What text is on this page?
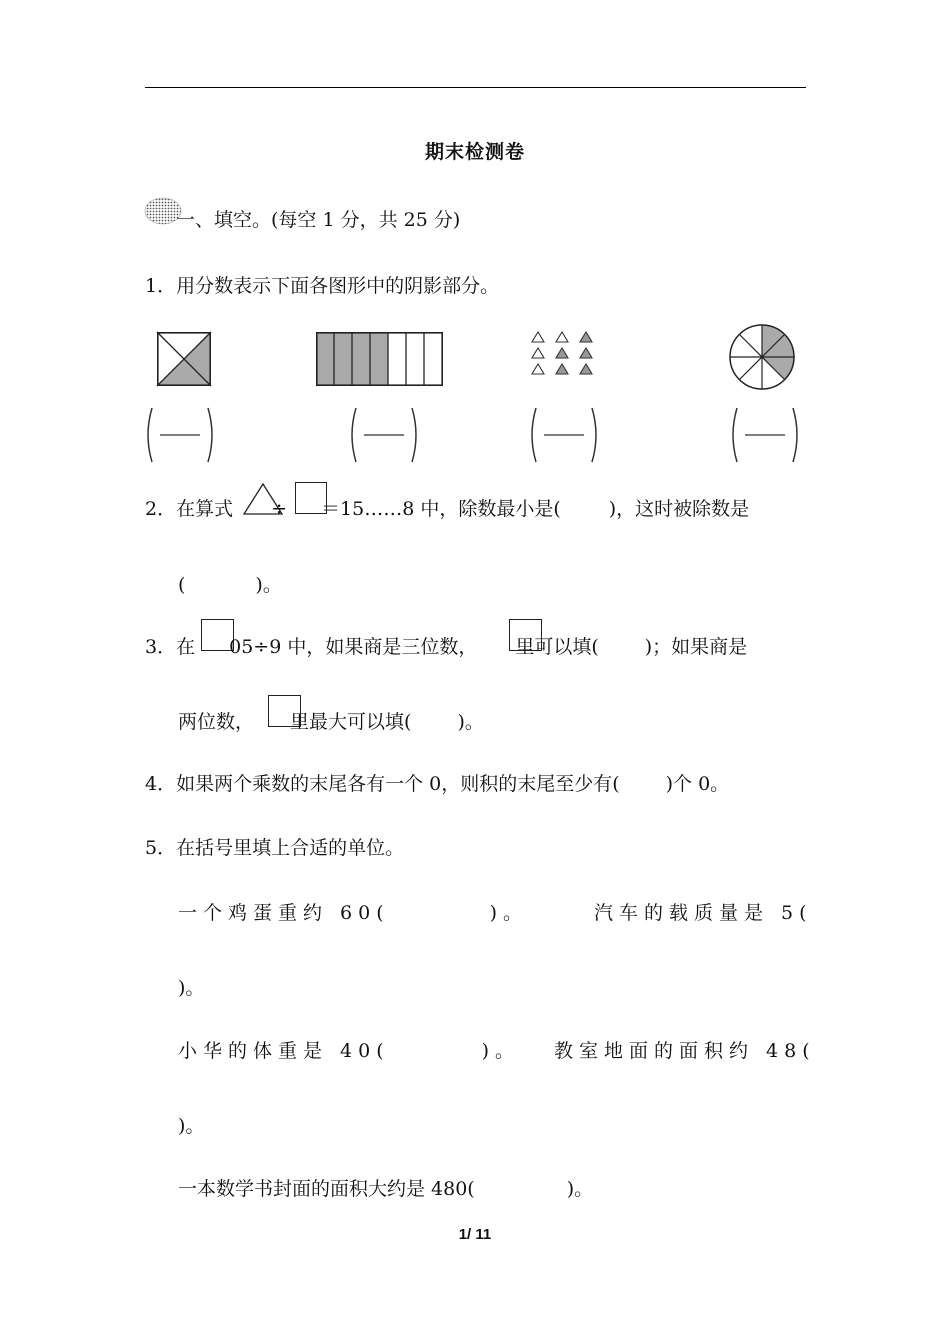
期末检测卷
一、填空。(每空 1 分，共 25 分)
1．用分数表示下面各图形中的阴影部分。
2．在算式 ÷ ＝15……8 中，除数最小是(	)，这时被除数是
(	)。
3．在 05÷9 中，如果商是三位数， 里可以填( )；如果商是
两位数， 里最大可以填( )。
4．如果两个乘数的末尾各有一个 0，则积的末尾至少有( )个 0。
5．在括号里填上合适的单位。
一个鸡蛋重约 60(	)。	汽车的载质量是 5(
)。
小华的体重是 40(	)。 教室地面的面积约 48(
)。
一本数学书封面的面积大约是 480(	)。
1/ 11
